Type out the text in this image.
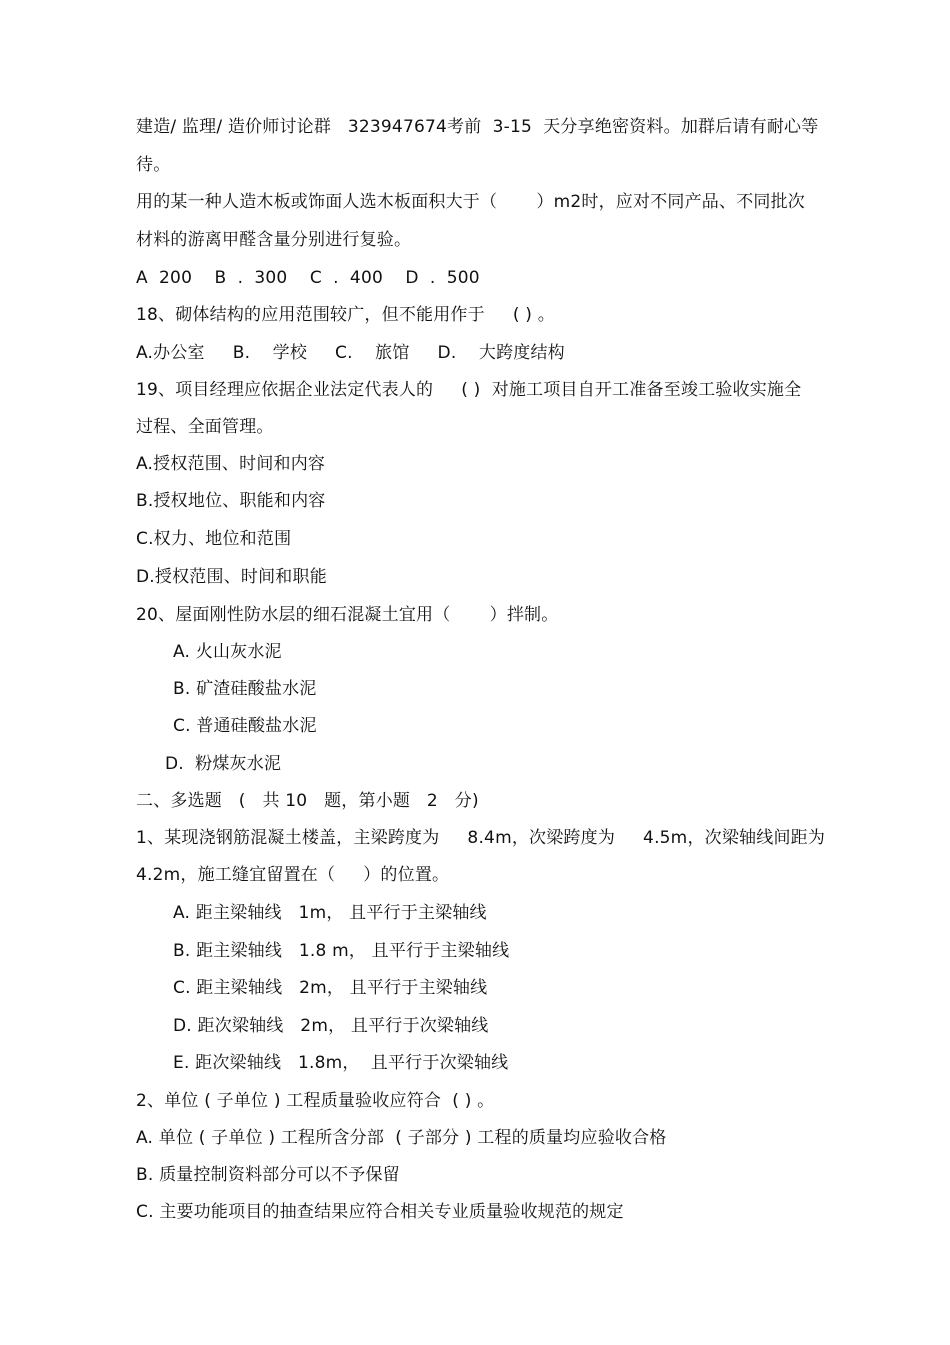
建造/ 监理/ 造价师讨论群   323947674考前  3-15  天分享绝密资料。加群后请有耐心等
待。
用的某一种人造木板或饰面人选木板面积大于（       ）m2时，应对不同产品、不同批次
材料的游离甲醛含量分别进行复验。
A  200    B  .  300    C  .  400    D  .  500
18、砌体结构的应用范围较广，但不能用作于     ( ) 。
A.办公室     B.    学校     C.    旅馆     D.    大跨度结构
19、项目经理应依据企业法定代表人的     ( )  对施工项目自开工准备至竣工验收实施全
过程、全面管理。
A.授权范围、时间和内容
B.授权地位、职能和内容
C.权力、地位和范围
D.授权范围、时间和职能
20、屋面刚性防水层的细石混凝土宜用（       ）拌制。
A. 火山灰水泥
B. 矿渣硅酸盐水泥
C. 普通硅酸盐水泥
D.  粉煤灰水泥
二、多选题   (   共 10   题，第小题   2   分)
1、某现浇钢筋混凝土楼盖，主梁跨度为     8.4m，次梁跨度为     4.5m，次梁轴线间距为
4.2m，施工缝宜留置在（     ）的位置。
A. 距主梁轴线   1m， 且平行于主梁轴线
B. 距主梁轴线   1.8 m， 且平行于主梁轴线
C. 距主梁轴线   2m， 且平行于主梁轴线
D. 距次梁轴线   2m， 且平行于次梁轴线
E. 距次梁轴线   1.8m，  且平行于次梁轴线
2、单位 ( 子单位 ) 工程质量验收应符合  ( ) 。
A. 单位 ( 子单位 ) 工程所含分部  ( 子部分 ) 工程的质量均应验收合格
B. 质量控制资料部分可以不予保留
C. 主要功能项目的抽查结果应符合相关专业质量验收规范的规定
